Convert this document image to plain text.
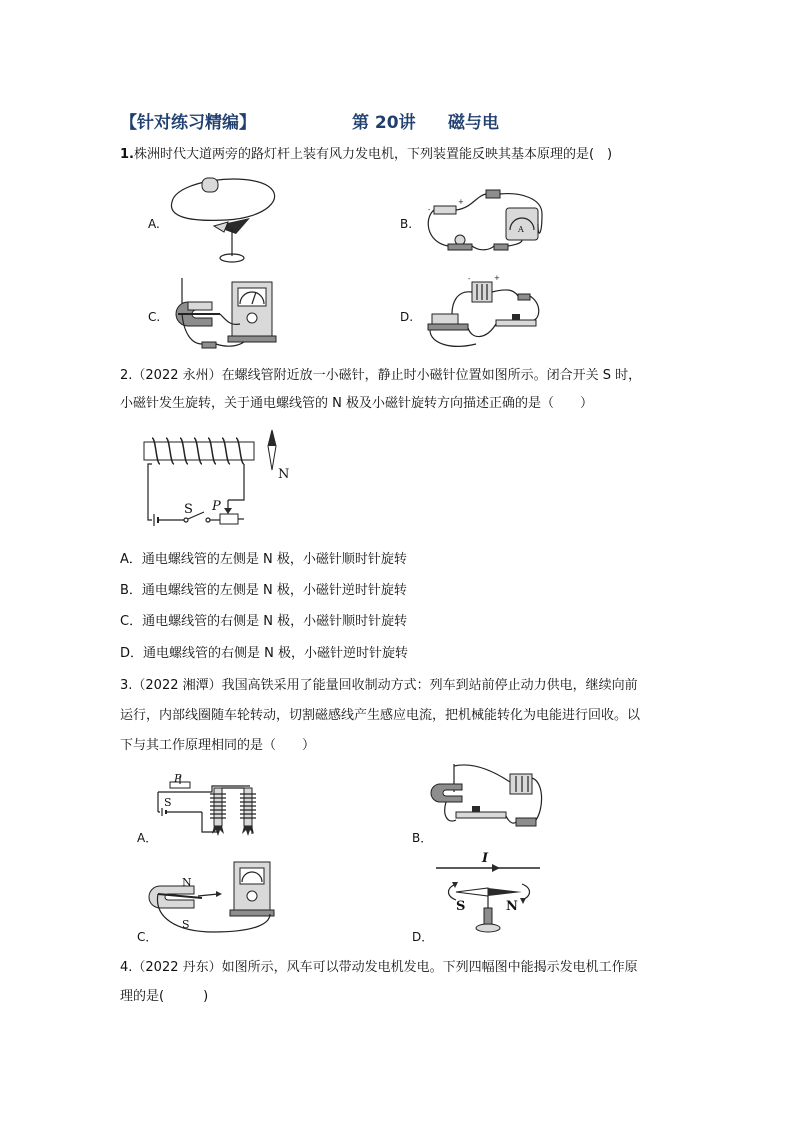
【针对练习精编】	第 20讲 磁与电
1.株洲时代大道两旁的路灯杆上装有风力发电机，下列装置能反映其基本原理的是(　)
A.	B.
C.	D.
-
+
A
-	+
2.（2022 永州）在螺线管附近放一小磁针，静止时小磁针位置如图所示。闭合开关 S 时，
小磁针发生旋转，关于通电螺线管的 N 极及小磁针旋转方向描述正确的是（　　）
N
S P
A．通电螺线管的左侧是 N 极，小磁针顺时针旋转
B．通电螺线管的左侧是 N 极，小磁针逆时针旋转
C．通电螺线管的右侧是 N 极，小磁针顺时针旋转
D．通电螺线管的右侧是 N 极，小磁针逆时针旋转
3.（2022 湘潭）我国高铁采用了能量回收制动方式：列车到站前停止动力供电，继续向前
运行，内部线圈随车轮转动，切割磁感线产生感应电流，把机械能转化为电能进行回收。以
下与其工作原理相同的是（　　）
P
S
A．	B．
N
S
I
S	N
C．	D．
4.（2022 丹东）如图所示，风车可以带动发电机发电。下列四幅图中能揭示发电机工作原
理的是(　　　)
